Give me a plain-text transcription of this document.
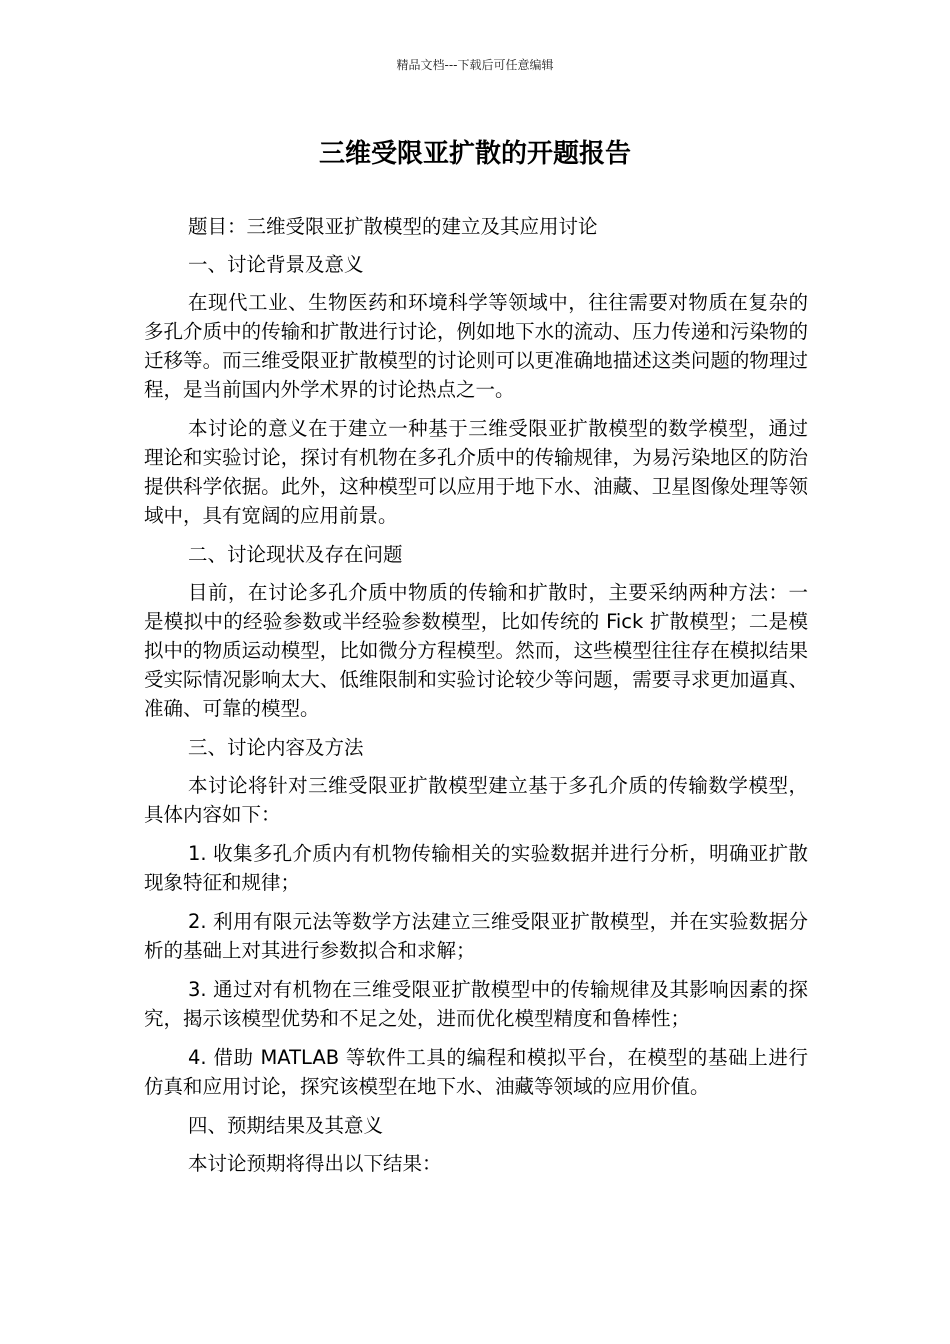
精品文档---下载后可任意编辑
三维受限亚扩散的开题报告

题目：三维受限亚扩散模型的建立及其应用讨论

一、讨论背景及意义

在现代工业、生物医药和环境科学等领域中，往往需要对物质在复杂的多孔介质中的传输和扩散进行讨论，例如地下水的流动、压力传递和污染物的迁移等。而三维受限亚扩散模型的讨论则可以更准确地描述这类问题的物理过程，是当前国内外学术界的讨论热点之一。

本讨论的意义在于建立一种基于三维受限亚扩散模型的数学模型，通过理论和实验讨论，探讨有机物在多孔介质中的传输规律，为易污染地区的防治提供科学依据。此外，这种模型可以应用于地下水、油藏、卫星图像处理等领域中，具有宽阔的应用前景。

二、讨论现状及存在问题

目前，在讨论多孔介质中物质的传输和扩散时，主要采纳两种方法：一是模拟中的经验参数或半经验参数模型，比如传统的 Fick 扩散模型；二是模拟中的物质运动模型，比如微分方程模型。然而，这些模型往往存在模拟结果受实际情况影响太大、低维限制和实验讨论较少等问题，需要寻求更加逼真、准确、可靠的模型。

三、讨论内容及方法

本讨论将针对三维受限亚扩散模型建立基于多孔介质的传输数学模型，具体内容如下：

1. 收集多孔介质内有机物传输相关的实验数据并进行分析，明确亚扩散现象特征和规律；

2. 利用有限元法等数学方法建立三维受限亚扩散模型，并在实验数据分析的基础上对其进行参数拟合和求解；

3. 通过对有机物在三维受限亚扩散模型中的传输规律及其影响因素的探究，揭示该模型优势和不足之处，进而优化模型精度和鲁棒性；

4. 借助 MATLAB 等软件工具的编程和模拟平台，在模型的基础上进行仿真和应用讨论，探究该模型在地下水、油藏等领域的应用价值。

四、预期结果及其意义

本讨论预期将得出以下结果：
